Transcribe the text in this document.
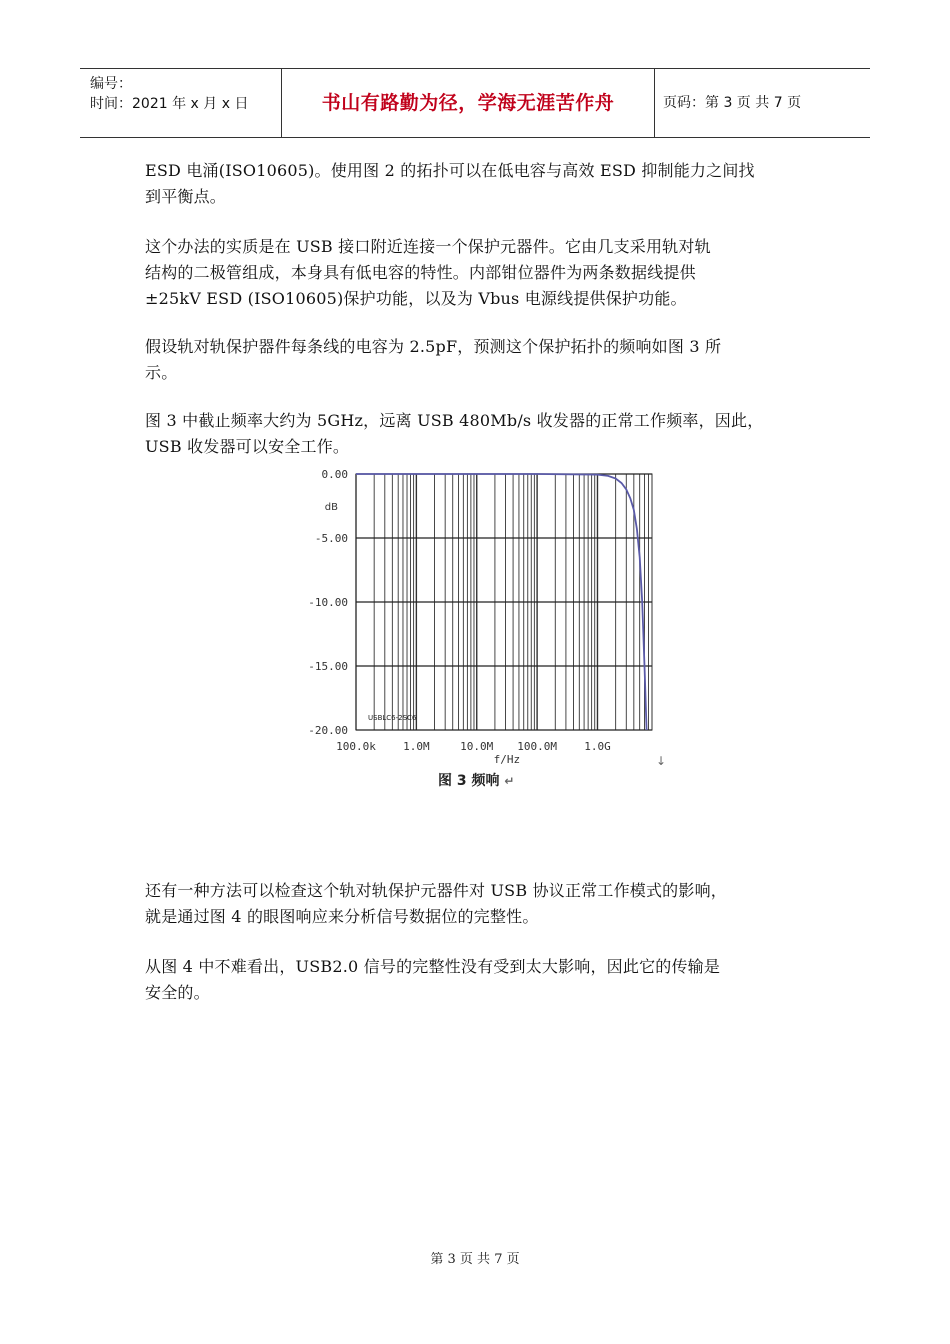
编号：
时间：2021 年 x 月 x 日	书山有路勤为径，学海无涯苦作舟	页码：第 3 页 共 7 页
ESD 电涌(ISO10605)。使用图 2 的拓扑可以在低电容与高效 ESD 抑制能力之间找
到平衡点。
这个办法的实质是在 USB 接口附近连接一个保护元器件。它由几支采用轨对轨
结构的二极管组成，本身具有低电容的特性。内部钳位器件为两条数据线提供
±25kV ESD (ISO10605)保护功能，以及为 Vbus 电源线提供保护功能。
假设轨对轨保护器件每条线的电容为 2.5pF，预测这个保护拓扑的频响如图 3 所
示。
图 3 中截止频率大约为 5GHz，远离 USB 480Mb/s 收发器的正常工作频率，因此，
USB 收发器可以安全工作。
0.00
-5.00
-10.00
-15.00
-20.00
dB
100.0k 1.0M	10.0M 100.0M 1.0G
f/Hz
USBLC6-2SC6
图 3 频响 ↵
↓
还有一种方法可以检查这个轨对轨保护元器件对 USB 协议正常工作模式的影响，
就是通过图 4 的眼图响应来分析信号数据位的完整性。
从图 4 中不难看出，USB2.0 信号的完整性没有受到太大影响，因此它的传输是
安全的。
第 3 页 共 7 页
